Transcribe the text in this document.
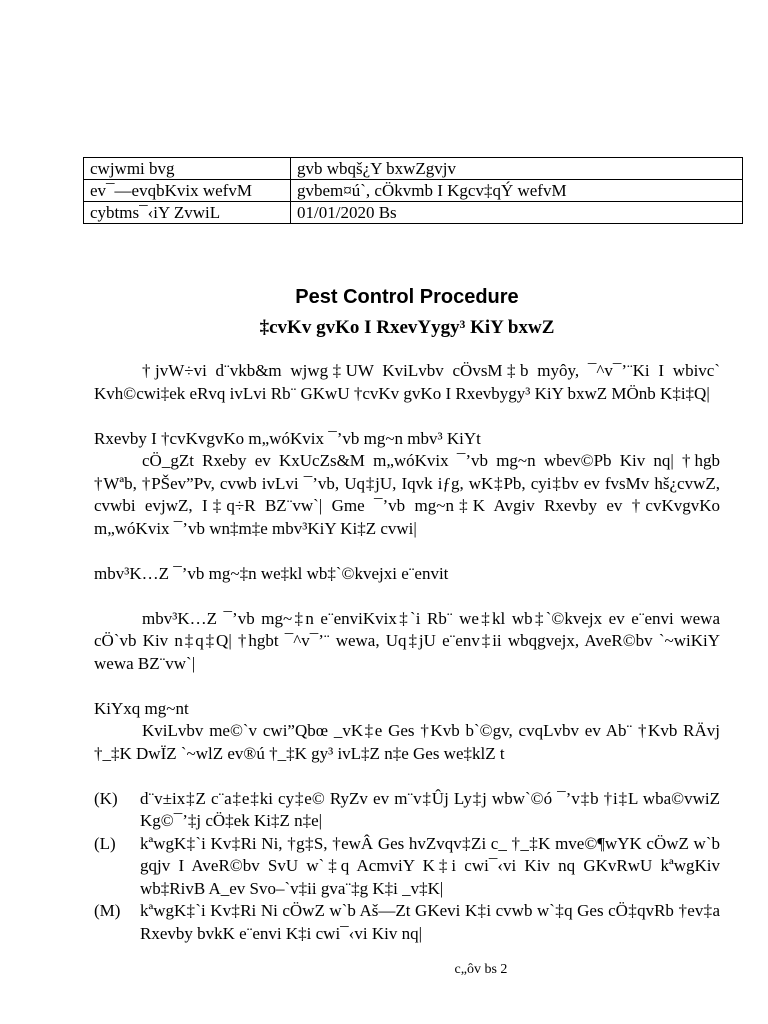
cwjwmi bvg	gvb wbqš¿Y bxwZgvjv
ev¯—evqbKvix wefvM	gvbem¤ú`, cÖkvmb I Kgcv‡qÝ wefvM
cybtms¯‹iY ZvwiL	01/01/2020 Bs
Pest Control Procedure
‡cvKv gvKo I RxevYygy³ KiY bxwZ

†jvW÷vi d¨vkb&m wjwg‡UW KviLvbv cÖvsM‡b myôy, ¯^v¯’¨Ki I wbivc` Kvh©cwi‡ek eRvq ivLvi Rb¨ GKwU †cvKv gvKo I Rxevbygy³ KiY bxwZ MÖnb K‡i‡Q|

Rxevby I †cvKvgvKo m„wóKvix ¯’vb mg~n mbv³ KiYt

cÖ_gZt Rxeby ev KxUcZs&M m„wóKvix ¯’vb mg~n wbev©Pb Kiv nq| †hgb †Wªb, †PŠev”Pv, cvwb ivLvi ¯’vb, Uq‡jU, Iqvk iƒg, wK‡Pb, cyi‡bv ev fvsMv hš¿cvwZ, cvwbi evjwZ, I‡q÷R BZ¨vw`| Gme ¯’vb mg~n‡K Avgiv Rxevby ev †cvKvgvKo m„wóKvix ¯’vb wn‡m‡e mbv³KiY Ki‡Z cvwi|

mbv³K…Z ¯’vb mg~‡n we‡kl wb‡`©kvejxi e¨envit

mbv³K…Z ¯’vb mg~‡n e¨enviKvix‡`i Rb¨ we‡kl wb‡`©kvejx ev e¨envi wewa cÖ`vb Kiv n‡q‡Q| †hgbt ¯^v¯’¨ wewa, Uq‡jU e¨env‡ii wbqgvejx, AveR©bv `~wiKiY wewa BZ¨vw`|

KiYxq mg~nt

KviLvbv me©`v cwi”Qbœ _vK‡e Ges †Kvb b`©gv, cvqLvbv ev Ab¨ †Kvb RÄvj †_‡K DwÏZ `~wlZ ev®ú †_‡K gy³ ivL‡Z n‡e Ges we‡klZ t

(K) d¨v±ix‡Z c¨a‡e‡ki cy‡e© RyZv ev m¨v‡Ûj Ly‡j wbw`©ó ¯’v‡b †i‡L wba©vwiZ Kg©¯’‡j cÖ‡ek Ki‡Z n‡e|
(L) kªwgK‡`i Kv‡Ri Ni, †g‡S, †ewÂ Ges hvZvqv‡Zi c_ †_‡K mve©¶wYK cÖwZ w`b gqjv I AveR©bv SvU w`‡q AcmviY K‡i cwi¯‹vi Kiv nq GKvRwU kªwgKiv wb‡RivB A_ev Svo–`v‡ii gva¨‡g K‡i _v‡K|
(M) kªwgK‡`i Kv‡Ri Ni cÖwZ w`b Aš—Zt GKevi K‡i cvwb w`‡q Ges cÖ‡qvRb †ev‡a Rxevby bvkK e¨envi K‡i cwi¯‹vi Kiv nq|
c„ôv bs 2
